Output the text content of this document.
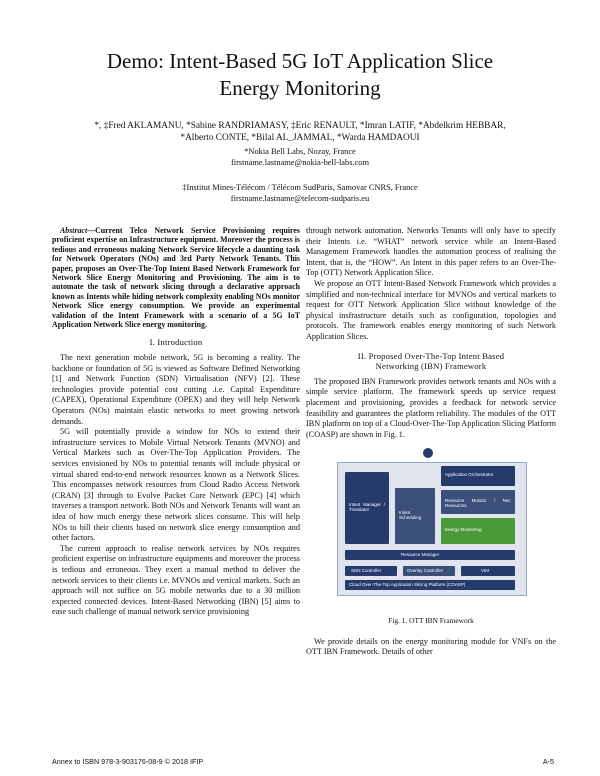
Demo: Intent-Based 5G IoT Application Slice
Energy Monitoring
*, ‡Fred AKLAMANU, *Sabine RANDRIAMASY, ‡Eric RENAULT, *Imran LATIF, *Abdelkrim HEBBAR,
*Alberto CONTE, *Bilal AL_JAMMAL, *Warda HAMDAOUI
*Nokia Bell Labs, Nozay, France
firstname.lastname@nokia-bell-labs.com
‡Institut Mines-Télécom / Télécom SudParis, Samovar CNRS, France
firstname.lastname@telecom-sudparis.eu

Abstract—Current Telco Network Service Provisioning requires proficient expertise on Infrastructure equipment. Moreover the process is tedious and erroneous making Network Service lifecycle a daunting task for Network Operators (NOs) and 3rd Party Network Tenants. This paper, proposes an Over-The-Top Intent Based Network Framework for Network Slice Energy Monitoring and Provisioning. The aim is to automate the task of network slicing through a declarative approach known as Intents while hiding network complexity enabling NOs monitor Network Slice energy consumption. We provide an experimental validation of the Intent Framework with a scenario of a 5G IoT Application Network Slice energy monitoring.

I. Introduction

The next generation mobile network, 5G is becoming a reality. The backbone or foundation of 5G is viewed as Software Defined Networking [1] and Network Function (SDN) Virtualisation (NFV) [2]. These technologies provide potential cost cutting .i.e. Capital Expenditure (CAPEX), Operational Expenditure (OPEX) and they will help Network Operators (NOs) maintain elastic networks to meet growing network demands.

5G will potentially provide a window for NOs to extend their infrastructure services to Mobile Virtual Network Tenants (MVNO) and Vertical Markets such as Over-The-Top Application Providers. The services envisioned by NOs to potential tenants will include physical or virtual shared end-to-end network resources known as a Network Slices. This encompasses network resources from Cloud Radio Access Network (CRAN) [3] through to Evolve Packet Core Network (EPC) [4] which traverses a transport network. Both NOs and Network Tenants will want an idea of how much energy these network slices consume. This will help NOs to bill their clients based on network slice energy consumption and other factors.

The current approach to realise network services by NOs requires proficient expertise on infrastructure equipments and moreover the process is tedious and erroneous. They exert a manual method to deliver the network services to their clients i.e. MVNOs and vertical markets. Such an approach will not suffice on 5G mobile networks due to a 30 million expected connected devices. Intent-Based Networking (IBN) [5] aims to ease such challenge of manual network service provisioning

through network automation. Networks Tenants will only have to specify their Intents i.e. “WHAT” network service while an Intent-Based Management Framework handles the automation process of realising the Intent, that is, the “HOW”. An Intent in this paper refers to an Over-The-Top (OTT) Network Application Slice.

We propose an OTT Intent-Based Network Framework which provides a simplified and non-technical interface for MVNOs and vertical markets to request for OTT Network Application Slice without knowledge of the physical insfrastructure details such as configuration, topologies and protocols. The framework enables energy monitoring of such Network Application Slices.

II. Proposed Over-The-Top Intent Based
Networking (IBN) Framework

The proposed IBN Framework provides network tenants and NOs with a simple service platform. The framework speeds up service request placement and provisioning, provides a feedback for network service feasibility and guarantees the platform reliability. The modules of the OTT IBN platform on top of a Cloud-Over-The-Top Application Slicing Platform (COASP) are shown in Fig. 1.

Intent Manager / Translator
Intent Scheduling
Application Orchestrator
Resource Monitor / Net. Resources
Energy Monitoring
Resource Manager
SDN Controller	Overlay Controller	VIM
Cloud Over-The-Top Application Slicing Platform (COASP)
Fig. 1. OTT IBN Framework

We provide details on the energy monitoring module for VNFs on the OTT IBN Framework. Details of other

Annex to ISBN 978-3-903176-08-9 © 2018 IFIP	A-5
